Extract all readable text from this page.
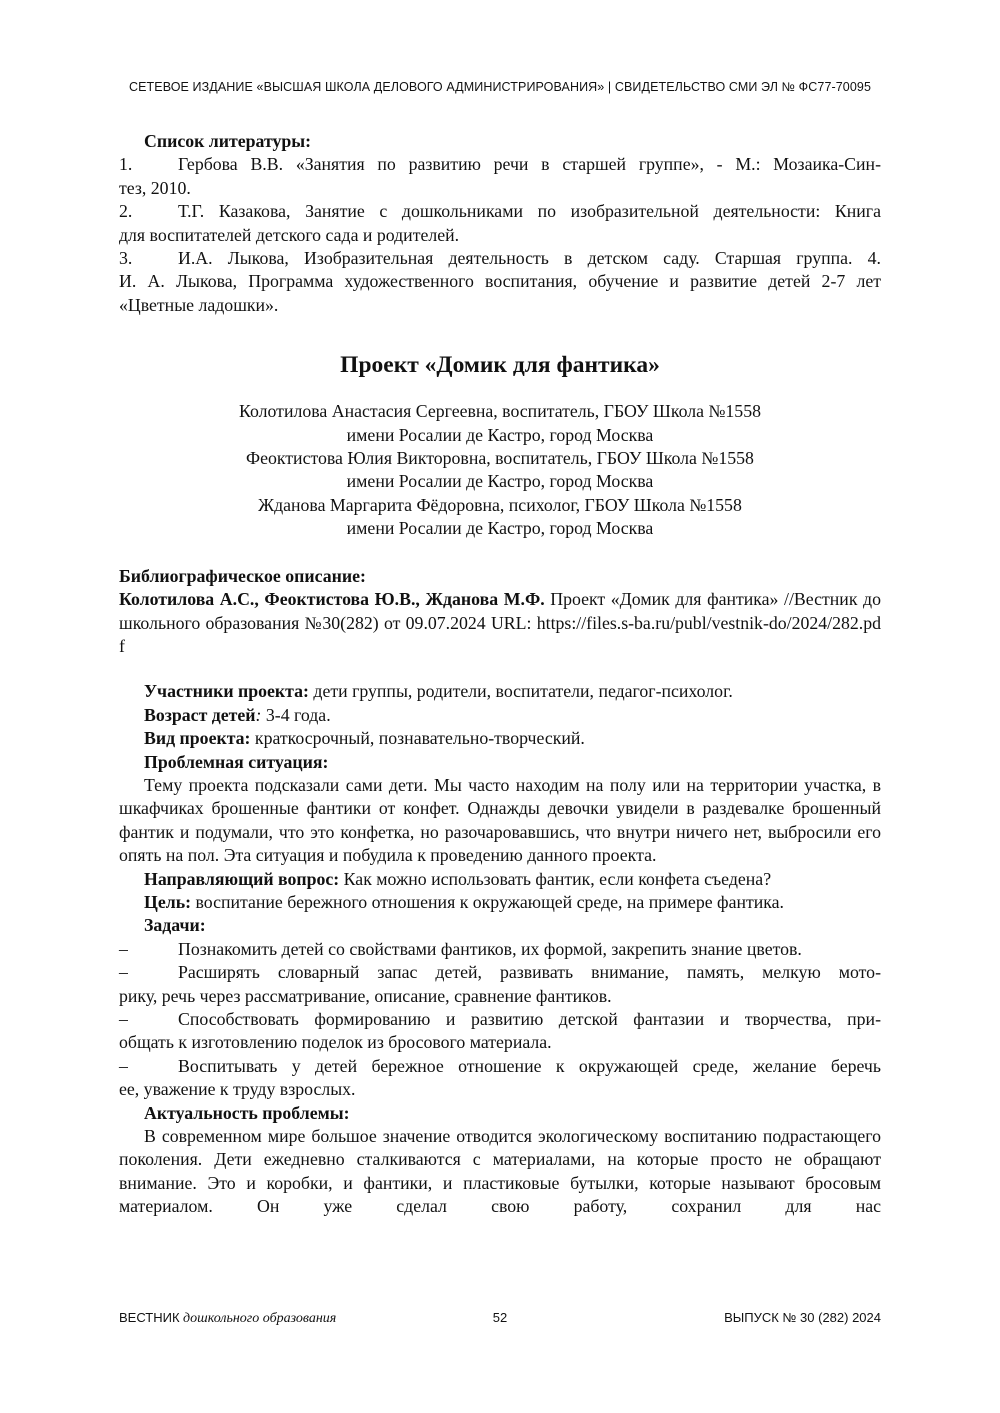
СЕТЕВОЕ ИЗДАНИЕ «ВЫСШАЯ ШКОЛА ДЕЛОВОГО АДМИНИСТРИРОВАНИЯ» | СВИДЕТЕЛЬСТВО СМИ ЭЛ № ФС77-70095

Список литературы:

1.	Гербова В.В. «Занятия по развитию речи в старшей группе», - М.: Мозаика-Син-

тез, 2010.

2.	Т.Г. Казакова, Занятие с дошкольниками по изобразительной деятельности: Книга

для воспитателей детского сада и родителей.

3.	И.А. Лыкова, Изобразительная деятельность в детском саду. Старшая группа. 4.

И. А. Лыкова, Программа художественного воспитания, обучение и развитие детей 2-7 лет «Цветные ладошки».

Проект «Домик для фантика»

Колотилова Анастасия Сергеевна, воспитатель, ГБОУ Школа №1558

имени Росалии де Кастро, город Москва

Феоктистова Юлия Викторовна, воспитатель, ГБОУ Школа №1558

имени Росалии де Кастро, город Москва

Жданова Маргарита Фёдоровна, психолог, ГБОУ Школа №1558

имени Росалии де Кастро, город Москва

Библиографическое описание:

Колотилова А.С., Феоктистова Ю.В., Жданова М.Ф. Проект «Домик для фантика» //Вестник дошкольного образования №30(282) от 09.07.2024 URL: https://files.s-ba.ru/publ/vestnik-do/2024/282.pdf

Участники проекта: дети группы, родители, воспитатели, педагог-психолог.

Возраст детей: 3-4 года.

Вид проекта: краткосрочный, познавательно-творческий.

Проблемная ситуация:

Тему проекта подсказали сами дети. Мы часто находим на полу или на территории участка, в шкафчиках брошенные фантики от конфет. Однажды девочки увидели в раздевалке брошенный фантик и подумали, что это конфетка, но разочаровавшись, что внутри ничего нет, выбросили его опять на пол. Эта ситуация и побудила к проведению данного проекта.

Направляющий вопрос: Как можно использовать фантик, если конфета съедена?

Цель: воспитание бережного отношения к окружающей среде, на примере фантика.

Задачи:

–	Познакомить детей со свойствами фантиков, их формой, закрепить знание цветов.
–	Расширять словарный запас детей, развивать внимание, память, мелкую мото-

рику, речь через рассматривание, описание, сравнение фантиков.

–	Способствовать формированию и развитию детской фантазии и творчества, при-

общать к изготовлению поделок из бросового материала.

–	Воспитывать у детей бережное отношение к окружающей среде, желание беречь

ее, уважение к труду взрослых.

Актуальность проблемы:

В современном мире большое значение отводится экологическому воспитанию подрастающего поколения. Дети ежедневно сталкиваются с материалами, на которые просто не обращают внимание. Это и коробки, и фантики, и пластиковые бутылки, которые называют бросовым материалом. Он уже сделал свою работу, сохранил для нас

ВЕСТНИК дошкольного образования	52	ВЫПУСК № 30 (282) 2024
